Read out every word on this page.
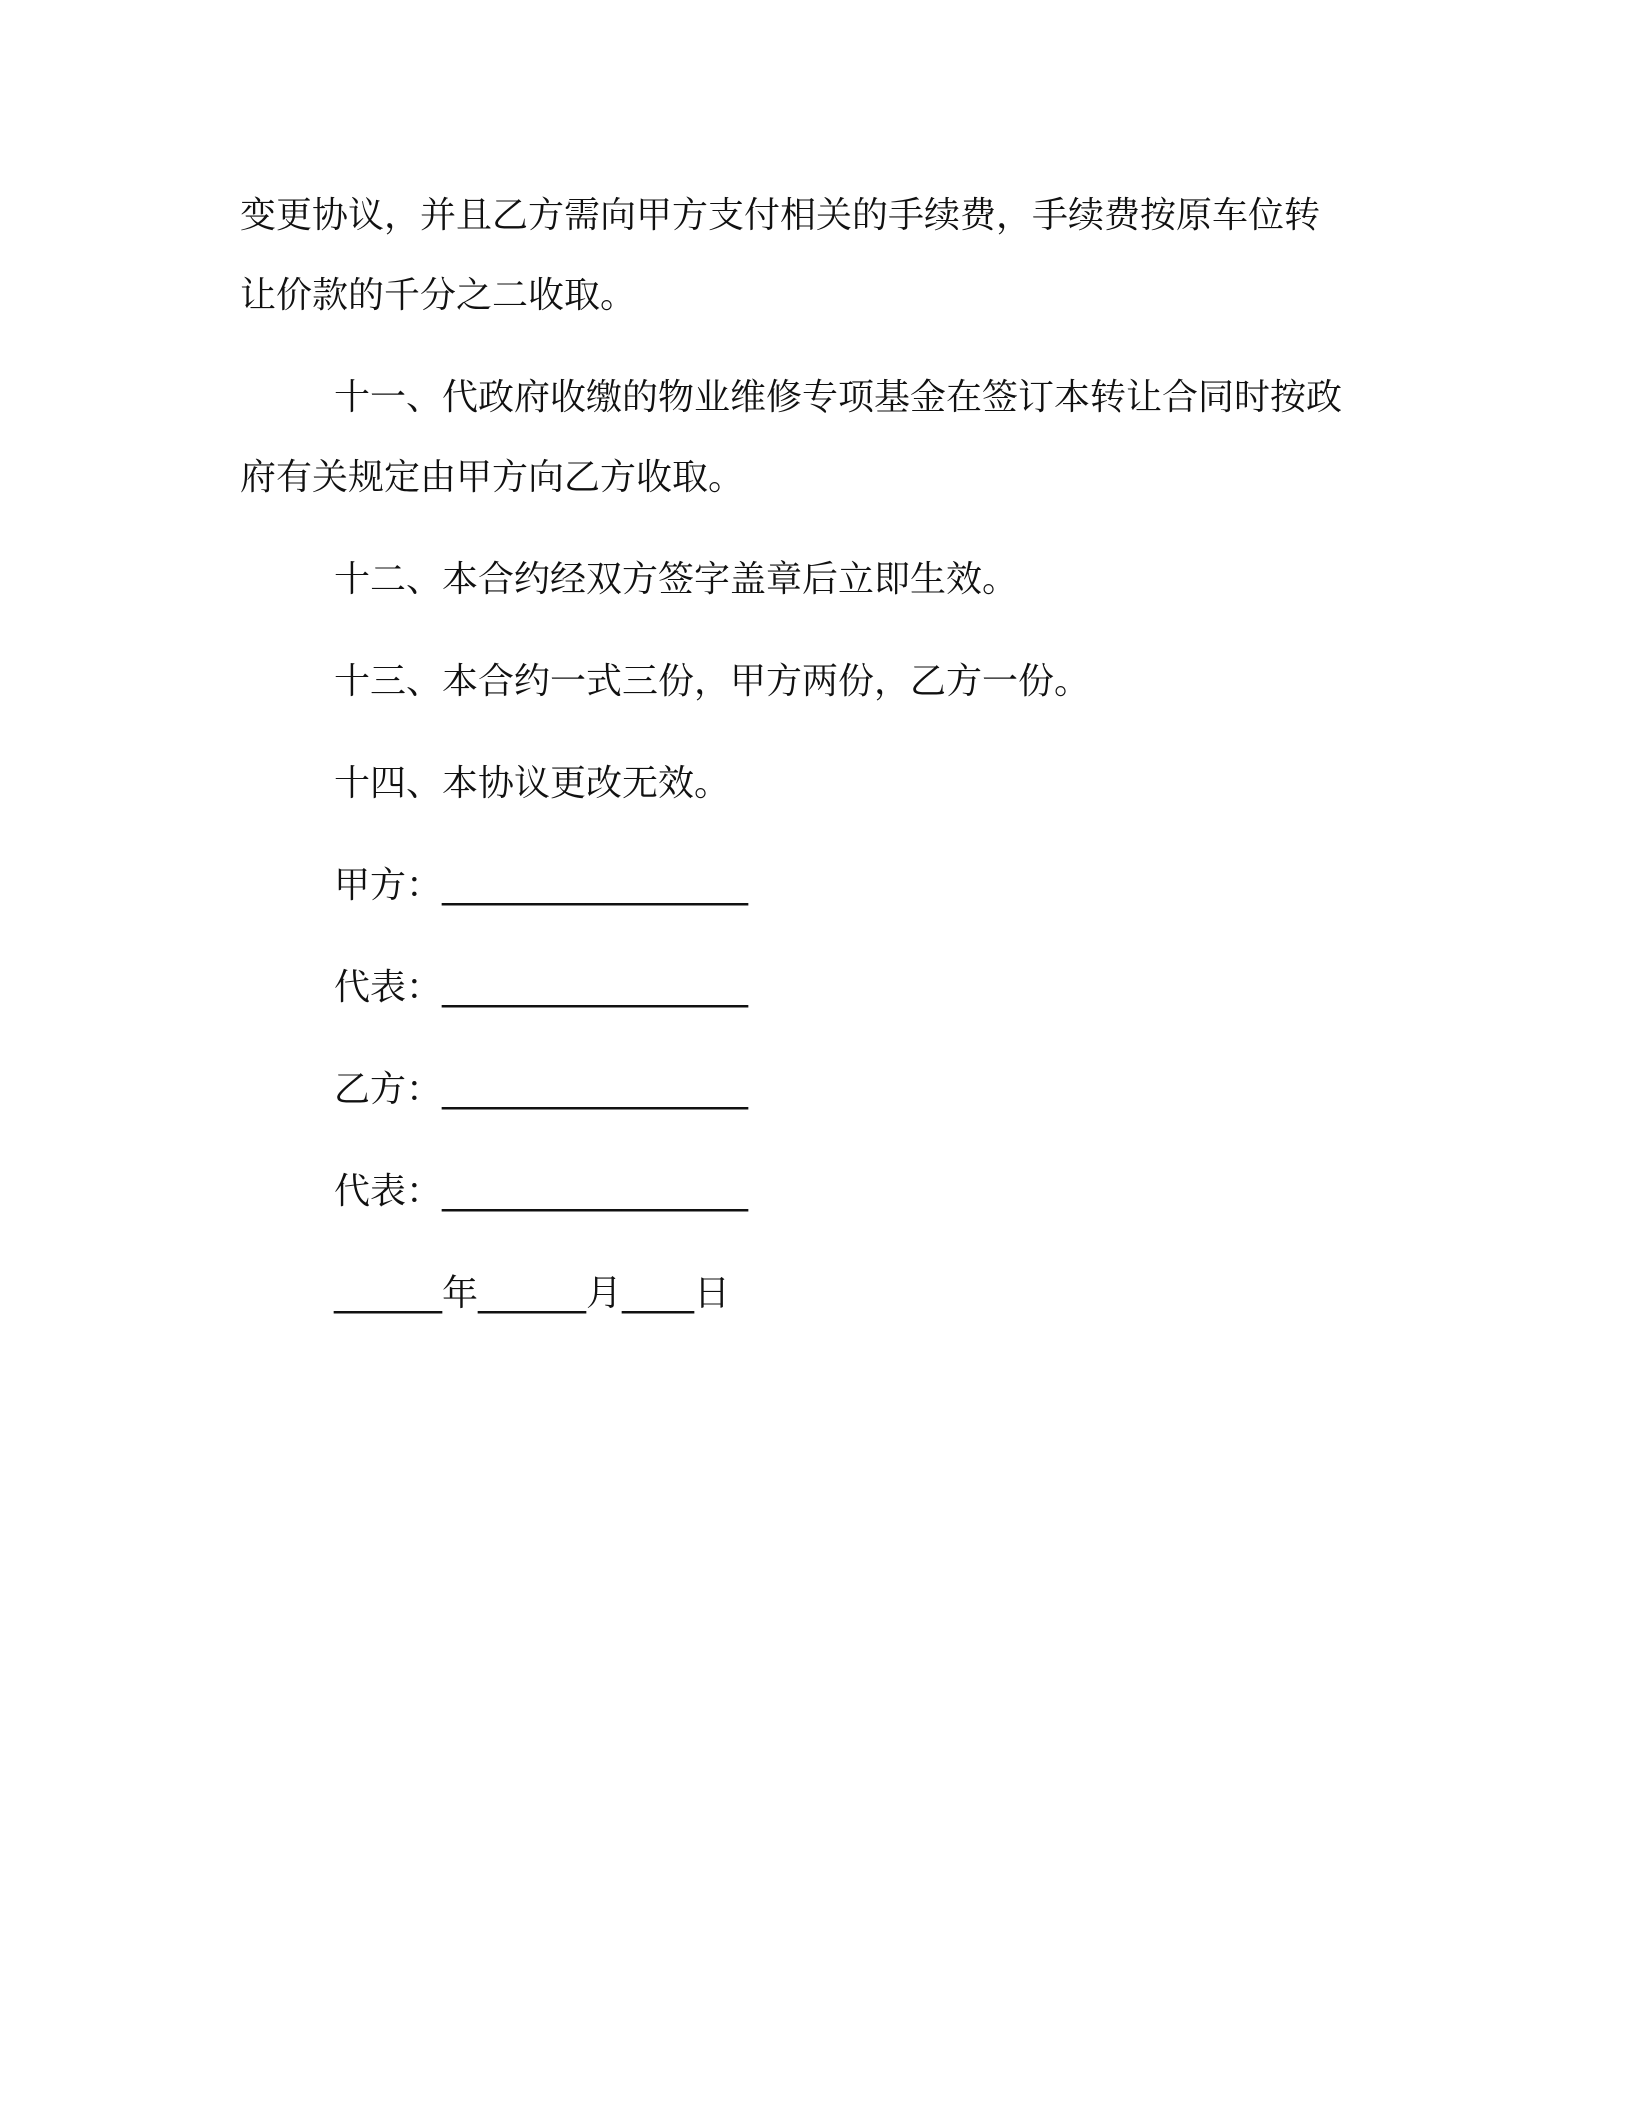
变更协议，并且乙方需向甲方支付相关的手续费，手续费按原车位转

让价款的千分之二收取。

十一、代政府收缴的物业维修专项基金在签订本转让合同时按政

府有关规定由甲方向乙方收取。

十二、本合约经双方签字盖章后立即生效。

十三、本合约一式三份，甲方两份，乙方一份。

十四、本协议更改无效。

甲方：_________________

代表：_________________

乙方：_________________

代表：_________________

______年______月____日
